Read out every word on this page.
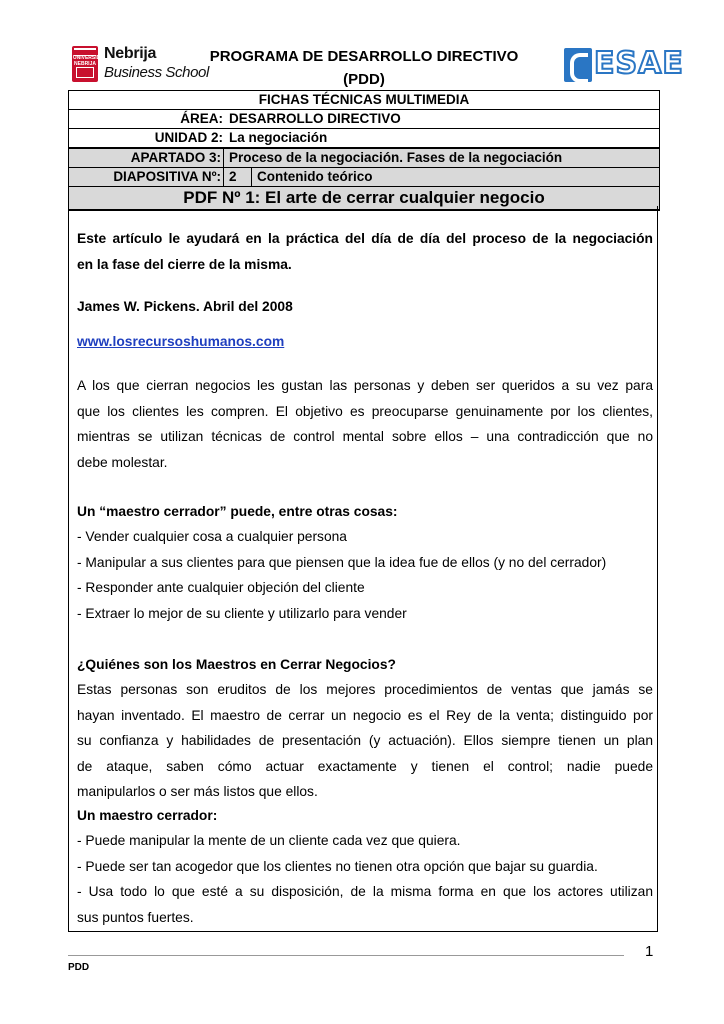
UNIVERSIDAD NEBRIJA
Nebrija
Business School
PROGRAMA DE DESARROLLO DIRECTIVO
(PDD)	ESAE
FICHAS TÉCNICAS MULTIMEDIA
ÁREA: DESARROLLO DIRECTIVO
UNIDAD 2: La negociación
APARTADO 3: Proceso de la negociación. Fases de la negociación
DIAPOSITIVA Nº: 2 Contenido teórico
PDF Nº 1: El arte de cerrar cualquier negocio
Este artículo le ayudará en la práctica del día de día del proceso de la negociación
en la fase del cierre de la misma.
James W. Pickens. Abril del 2008
www.losrecursoshumanos.com
A los que cierran negocios les gustan las personas y deben ser queridos a su vez para
que los clientes les compren. El objetivo es preocuparse genuinamente por los clientes,
mientras se utilizan técnicas de control mental sobre ellos – una contradicción que no
debe molestar.
Un “maestro cerrador” puede, entre otras cosas:
- Vender cualquier cosa a cualquier persona
- Manipular a sus clientes para que piensen que la idea fue de ellos (y no del cerrador)
- Responder ante cualquier objeción del cliente
- Extraer lo mejor de su cliente y utilizarlo para vender
¿Quiénes son los Maestros en Cerrar Negocios?
Estas personas son eruditos de los mejores procedimientos de ventas que jamás se
hayan inventado. El maestro de cerrar un negocio es el Rey de la venta; distinguido por
su confianza y habilidades de presentación (y actuación). Ellos siempre tienen un plan
de ataque, saben cómo actuar exactamente y tienen el control; nadie puede
manipularlos o ser más listos que ellos.
Un maestro cerrador:
- Puede manipular la mente de un cliente cada vez que quiera.
- Puede ser tan acogedor que los clientes no tienen otra opción que bajar su guardia.
- Usa todo lo que esté a su disposición, de la misma forma en que los actores utilizan
sus puntos fuertes.
1
PDD
